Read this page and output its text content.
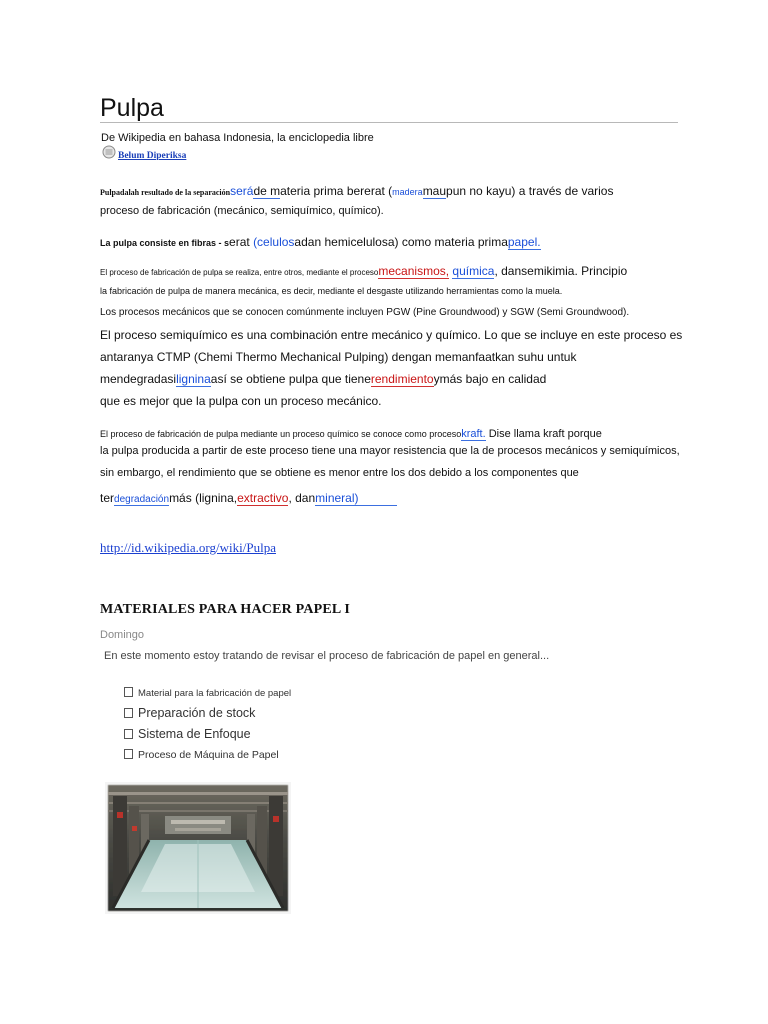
Pulpa
De Wikipedia en bahasa Indonesia, la enciclopedia libre
Belum Diperiksa
Pulpadalah resultado de la separaciónseráde materia prima bererat (maderamaupun no kayu) a través de varios
proceso de fabricación (mecánico, semiquímico, químico).
La pulpa consiste en fibras - serat (celulosadan hemicelulosa) como materia primapapel.
El proceso de fabricación de pulpa se realiza, entre otros, mediante el procesomecanismos, química, dansemikimia. Principio
la fabricación de pulpa de manera mecánica, es decir, mediante el desgaste utilizando herramientas como la muela.
Los procesos mecánicos que se conocen comúnmente incluyen PGW (Pine Groundwood) y SGW (Semi Groundwood).
El proceso semiquímico es una combinación entre mecánico y químico. Lo que se incluye en este proceso es
antaranya CTMP (Chemi Thermo Mechanical Pulping) dengan memanfaatkan suhu untuk
mendegradasiligninaasí se obtiene pulpa que tienerendimientoymás bajo en calidad
que es mejor que la pulpa con un proceso mecánico.
El proceso de fabricación de pulpa mediante un proceso químico se conoce como procesokraft. Dise llama kraft porque
la pulpa producida a partir de este proceso tiene una mayor resistencia que la de procesos mecánicos y semiquímicos,
sin embargo, el rendimiento que se obtiene es menor entre los dos debido a los componentes que
terdegradaciónmás (lignina,extractivo, danmineral)
http://id.wikipedia.org/wiki/Pulpa
MATERIALES PARA HACER PAPEL I
Domingo
En este momento estoy tratando de revisar el proceso de fabricación de papel en general...
Material para la fabricación de papel
Preparación de stock
Sistema de Enfoque
Proceso de Máquina de Papel
